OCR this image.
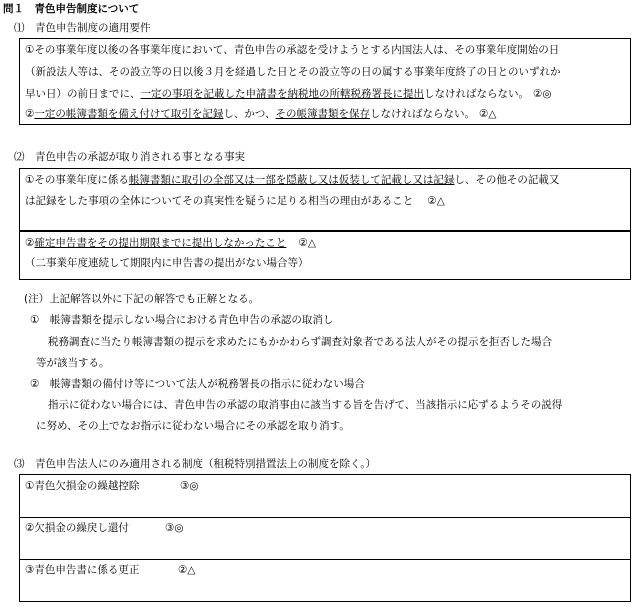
問１　青色申告制度について
⑴　青色申告制度の適用要件
①その事業年度以後の各事業年度において、青色申告の承認を受けようとする内国法人は、その事業年度開始の日
（新設法人等は、その設立等の日以後３月を経過した日とその設立等の日の属する事業年度終了の日とのいずれか
早い日）の前日までに、一定の事項を記載した申請書を納税地の所轄税務署長に提出しなければならない。 ②◎
②一定の帳簿書類を備え付けて取引を記録し、かつ、その帳簿書類を保存しなければならない。 ②△
⑵　青色申告の承認が取り消される事となる事実
①その事業年度に係る帳簿書類に取引の全部又は一部を隠蔽し又は仮装して記載し又は記録し、その他その記載又
は記録をした事項の全体についてその真実性を疑うに足りる相当の理由があること ②△
②確定申告書をその提出期限までに提出しなかったこと ②△
（二事業年度連続して期限内に申告書の提出がない場合等）
(注）上記解答以外に下記の解答でも正解となる。
①　帳簿書類を提示しない場合における青色申告の承認の取消し
税務調査に当たり帳簿書類の提示を求めたにもかかわらず調査対象者である法人がその提示を拒否した場合
等が該当する。
②　帳簿書類の備付け等について法人が税務署長の指示に従わない場合
指示に従わない場合には、青色申告の承認の取消事由に該当する旨を告げて、当該指示に応ずるようその説得
に努め、その上でなお指示に従わない場合にその承認を取り消す。
⑶　青色申告法人にのみ適用される制度（租税特別措置法上の制度を除く。）
①青色欠損金の繰越控除	③◎
②欠損金の繰戻し還付	③◎
③青色申告書に係る更正	②△
